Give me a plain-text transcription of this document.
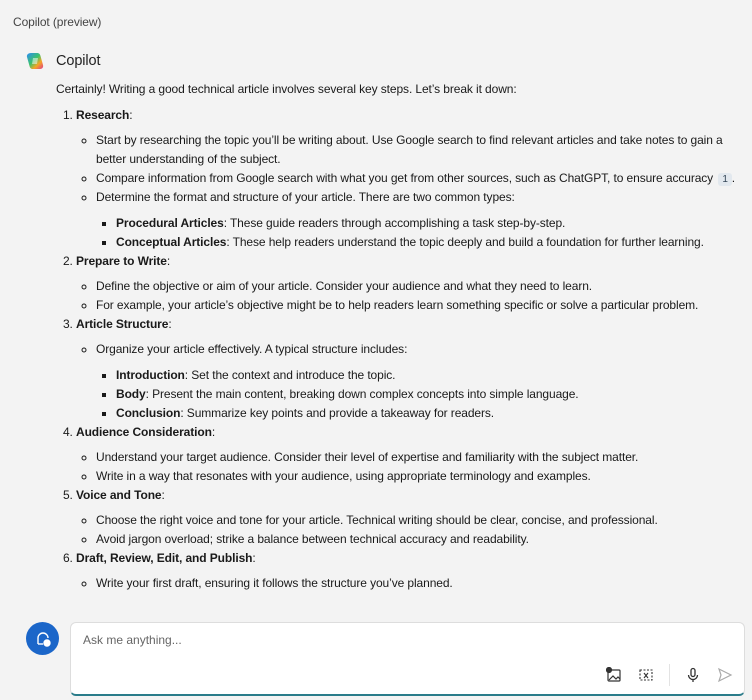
Copilot (preview)
Copilot

Certainly! Writing a good technical article involves several key steps. Let’s break it down:

1. Research:
◦ Start by researching the topic you’ll be writing about. Use Google search to find relevant articles and take notes to gain a better understanding of the subject.
◦ Compare information from Google search with what you get from other sources, such as ChatGPT, to ensure accuracy 1 .
◦ Determine the format and structure of your article. There are two common types:
▪ Procedural Articles: These guide readers through accomplishing a task step-by-step.
▪ Conceptual Articles: These help readers understand the topic deeply and build a foundation for further learning.
2. Prepare to Write:
◦ Define the objective or aim of your article. Consider your audience and what they need to learn.
◦ For example, your article’s objective might be to help readers learn something specific or solve a particular problem.
3. Article Structure:
◦ Organize your article effectively. A typical structure includes:
▪ Introduction: Set the context and introduce the topic.
▪ Body: Present the main content, breaking down complex concepts into simple language.
▪ Conclusion: Summarize key points and provide a takeaway for readers.
4. Audience Consideration:
◦ Understand your target audience. Consider their level of expertise and familiarity with the subject matter.
◦ Write in a way that resonates with your audience, using appropriate terminology and examples.
5. Voice and Tone:
◦ Choose the right voice and tone for your article. Technical writing should be clear, concise, and professional.
◦ Avoid jargon overload; strike a balance between technical accuracy and readability.
6. Draft, Review, Edit, and Publish:
◦ Write your first draft, ensuring it follows the structure you’ve planned.
Ask me anything...
